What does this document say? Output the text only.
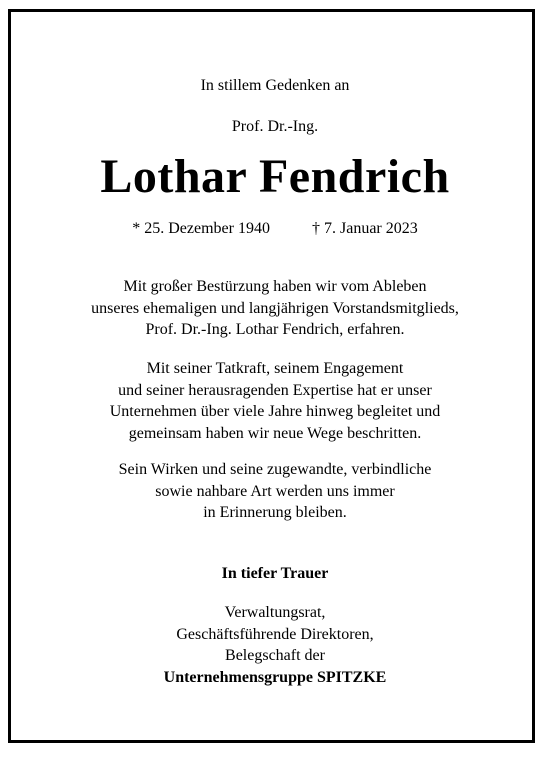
In stillem Gedenken an
Prof. Dr.-Ing.
Lothar Fendrich
* 25. Dezember 1940	† 7. Januar 2023
Mit großer Bestürzung haben wir vom Ableben
unseres ehemaligen und langjährigen Vorstandsmitglieds,
Prof. Dr.-Ing. Lothar Fendrich, erfahren.
Mit seiner Tatkraft, seinem Engagement
und seiner herausragenden Expertise hat er unser
Unternehmen über viele Jahre hinweg begleitet und
gemeinsam haben wir neue Wege beschritten.
Sein Wirken und seine zugewandte, verbindliche
sowie nahbare Art werden uns immer
in Erinnerung bleiben.
In tiefer Trauer
Verwaltungsrat,
Geschäftsführende Direktoren,
Belegschaft der
Unternehmensgruppe SPITZKE
